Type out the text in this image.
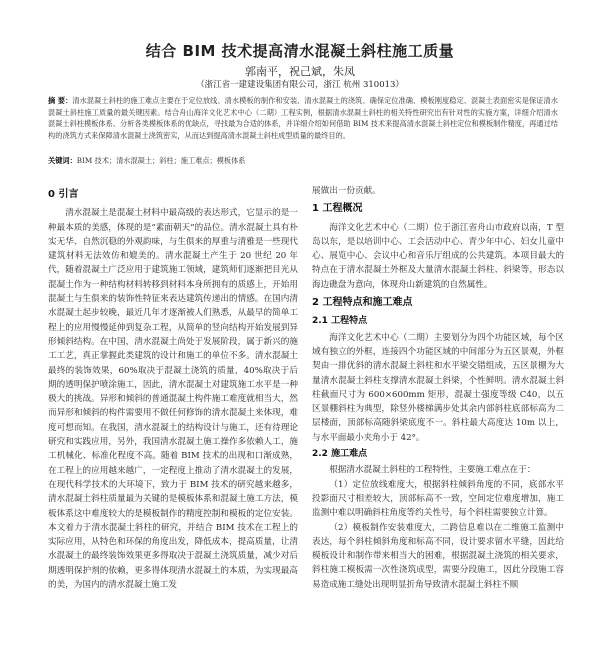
结合 BIM 技术提高清水混凝土斜柱施工质量
郭南平，祝己斌，朱凤
（浙江省一建建设集团有限公司，浙江 杭州 310013）
摘 要：清水混凝土斜柱的施工难点主要在于定位放线、清水模板的制作和安装、清水混凝土的浇筑、确保定位准确、模板刚度稳定、混凝土表面密实是保证清水混凝土斜柱施工质量的最关键因素。结合舟山海洋文化艺术中心（二期）工程实例，根据清水混凝土斜柱的相关特性研究出有针对性的实施方案，详细介绍清水混凝土斜柱模板体系、分析各类模板体系的优缺点，寻找最为合适的体系，并详细介绍如何借助 BIM 技术来提高清水混凝土斜柱定位和模板制作精度，再通过结构的浇筑方式来保障清水混凝土浇筑密实，从而达到提高清水混凝土斜柱成型质量的最终目的。
关键词：BIM 技术；清水混凝土；斜柱；施工难点；模板体系
0 引言

清水混凝土是混凝土材料中最高级的表达形式，它显示的是一种最本质的美感，体现的是“素面朝天”的品位。清水混凝土具有朴实无华、自然沉稳的外观韵味，与生俱来的厚重与清雅是一些现代建筑材料无法效仿和媲美的。清水混凝土产生于 20 世纪 20 年代，随着混凝土广泛应用于建筑施工领域，建筑师们逐渐把目光从混凝土作为一种结构材料转移到材料本身所拥有的质感上，开始用混凝土与生俱来的装饰性特征来表达建筑传递出的情感。在国内清水混凝土起步较晚，最近几年才逐渐被人们熟悉，从最早的简单工程上的应用慢慢延伸到复杂工程，从简单的竖向结构开始发展到异形倾斜结构。在中国，清水混凝土尚处于发展阶段，属于新兴的施工工艺，真正掌握此类建筑的设计和施工的单位不多。清水混凝土最终的装饰效果，60%取决于混凝土浇筑的质量，40%取决于后期的透明保护喷涂施工，因此，清水混凝土对建筑施工水平是一种极大的挑战。异形和倾斜的普通混凝土构件施工难度就相当大，然而异形和倾斜的构件需要用不做任何修饰的清水混凝土来体现，难度可想而知。在我国，清水混凝土的结构设计与施工，还有待理论研究和实践应用，另外，我国清水混凝土施工操作多依赖人工，施工机械化、标准化程度不高。随着 BIM 技术的出现和口渐成熟，在工程上的应用越来越广，一定程度上推动了清水混凝土的发展，在现代科学技术的大环境下，致力于 BIM 技术的研究越来越多，清水混凝土斜柱质量最为关键的是模板体系和混凝土施工方法，模板体系这中难度较大的是模板制作的精度控制和模板的定位安装。本文着力于清水混凝土斜柱的研究，并结合 BIM 技术在工程上的实际应用，从特色和环保的角度出发，降低成本，提高质量，让清水混凝土的最终装饰效果更多得取决于混凝土浇筑质量，减少对后期透明保护剂的依赖，更多得体现清水混凝土的本质，为实现最高的美，为国内的清水混凝土施工发

展做出一份贡献。

1 工程概况

海洋文化艺术中心（二期）位于浙江省舟山市政府以南，T 型岛以东，是以培训中心、工会活动中心、青少年中心、妇女儿童中心、展览中心、会议中心和音乐厅组成的公共建筑。本项目最大的特点在于清水混凝土外框及大量清水混凝土斜柱、斜梁等，形态以海边礁盘为意向，体现舟山新建筑的自然属性。

2 工程特点和施工难点
2.1 工程特点

海洋文化艺术中心（二期）主要划分为四个功能区域，每个区域有独立的外框，连接四个功能区域的中间部分为五区景观，外框契由一排优斜的清水混凝土斜柱和水平梁交错组成，五区景棚为大量清水混凝土斜柱支撑清水混凝土斜梁，个性鲜明。清水混凝土斜柱截面尺寸为 600×600mm 矩形，混凝土强度等级 C40，以五区景棚斜柱为典型，除竖外楼梯满步处其余内部斜柱底部标高为二层楼面，顶部标高随斜梁底度不一。斜柱最大高度达 10m 以上，与水平面最小夹角小于 42°。

2.2 施工难点

根据清水混凝土斜柱的工程特性，主要施工难点在于：

（1）定位放线难度大，根据斜柱倾斜角度的不同，底部水平投影面尺寸相差较大，顶部标高不一致，空间定位难度增加，施工监测中难以明确斜柱角度等约关性号，每个斜柱需要独立计算。

（2）模板制作安装难度大，二跨信息难以在二维施工监测中表达，每个斜柱倾斜角度和标高不同，设计要求留水平缝，因此给模板设计和制作带来相当大的困难，根据混凝土浇筑的相关要求，斜柱施工模板需一次性浇筑成型，需要分段施工，因此分段施工容易造成施工缝处出现明显折角导致清水混凝土斜柱不顺
